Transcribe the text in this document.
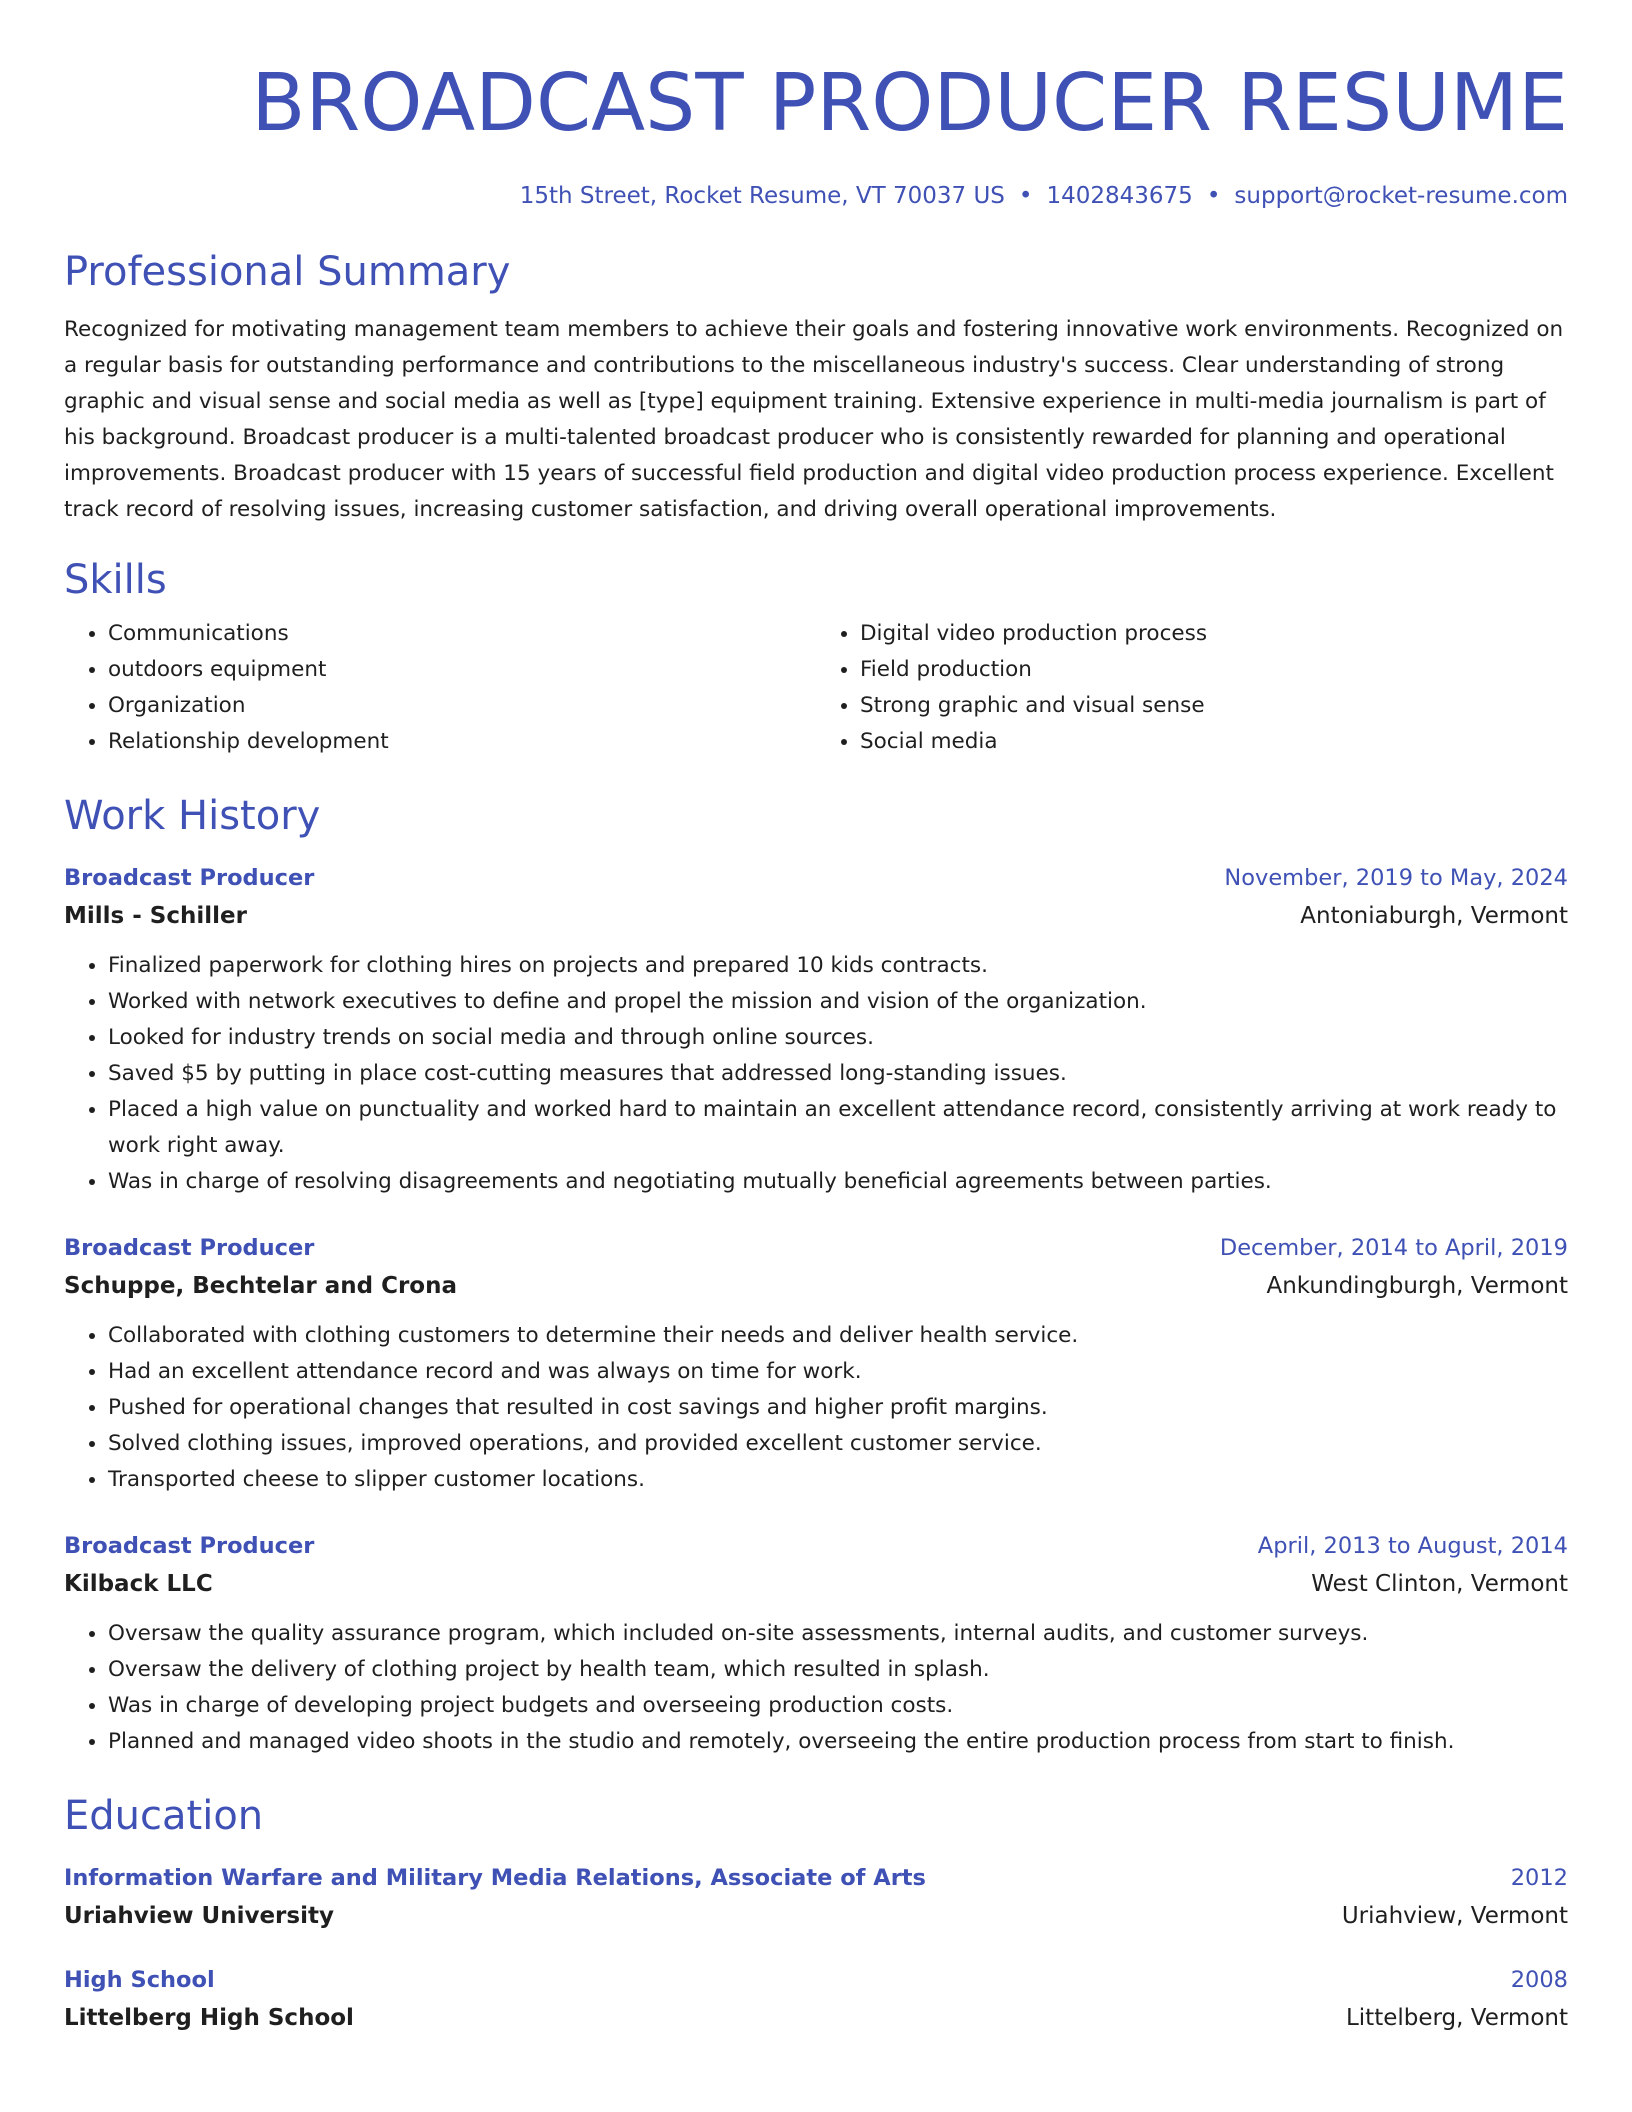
BROADCAST PRODUCER RESUME
15th Street, Rocket Resume, VT 70037 US • 1402843675 • support@rocket-resume.com
Professional Summary
Recognized for motivating management team members to achieve their goals and fostering innovative work environments. Recognized on a regular basis for outstanding performance and contributions to the miscellaneous industry's success. Clear understanding of strong graphic and visual sense and social media as well as [type] equipment training. Extensive experience in multi-media journalism is part of his background. Broadcast producer is a multi-talented broadcast producer who is consistently rewarded for planning and operational improvements. Broadcast producer with 15 years of successful field production and digital video production process experience. Excellent track record of resolving issues, increasing customer satisfaction, and driving overall operational improvements.
Skills
• Communications
• outdoors equipment
• Organization
• Relationship development
• Digital video production process
• Field production
• Strong graphic and visual sense
• Social media
Work History
Broadcast Producer	November, 2019 to May, 2024
Mills - Schiller	Antoniaburgh, Vermont
• Finalized paperwork for clothing hires on projects and prepared 10 kids contracts.
• Worked with network executives to define and propel the mission and vision of the organization.
• Looked for industry trends on social media and through online sources.
• Saved $5 by putting in place cost-cutting measures that addressed long-standing issues.
• Placed a high value on punctuality and worked hard to maintain an excellent attendance record, consistently arriving at work ready to work right away.
• Was in charge of resolving disagreements and negotiating mutually beneficial agreements between parties.
Broadcast Producer	December, 2014 to April, 2019
Schuppe, Bechtelar and Crona	Ankundingburgh, Vermont
• Collaborated with clothing customers to determine their needs and deliver health service.
• Had an excellent attendance record and was always on time for work.
• Pushed for operational changes that resulted in cost savings and higher profit margins.
• Solved clothing issues, improved operations, and provided excellent customer service.
• Transported cheese to slipper customer locations.
Broadcast Producer	April, 2013 to August, 2014
Kilback LLC	West Clinton, Vermont
• Oversaw the quality assurance program, which included on-site assessments, internal audits, and customer surveys.
• Oversaw the delivery of clothing project by health team, which resulted in splash.
• Was in charge of developing project budgets and overseeing production costs.
• Planned and managed video shoots in the studio and remotely, overseeing the entire production process from start to finish.
Education
Information Warfare and Military Media Relations, Associate of Arts	2012
Uriahview University	Uriahview, Vermont
High School	2008
Littelberg High School	Littelberg, Vermont
